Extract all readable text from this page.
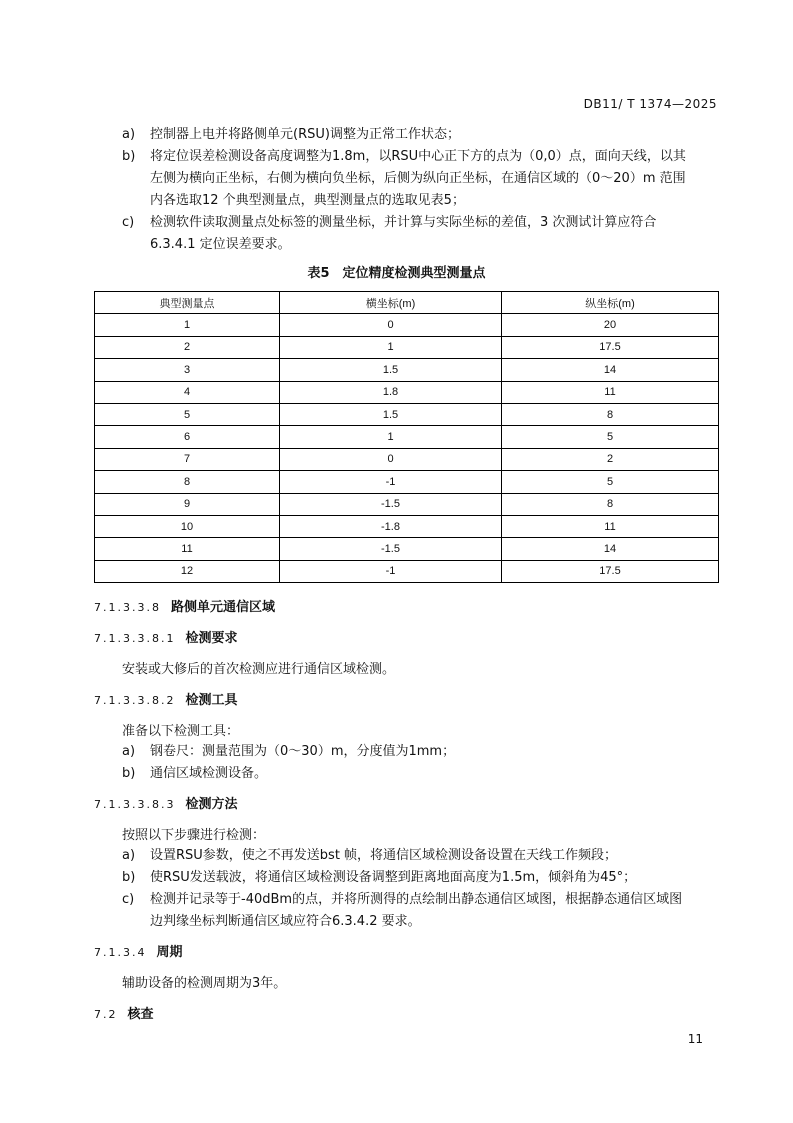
DB11/ T 1374—2025
a) 控制器上电并将路侧单元(RSU)调整为正常工作状态；
b) 将定位误差检测设备高度调整为1.8m，以RSU中心正下方的点为（0,0）点，面向天线，以其
左侧为横向正坐标，右侧为横向负坐标，后侧为纵向正坐标，在通信区域的（0～20）m 范围
内各选取12 个典型测量点，典型测量点的选取见表5；
c) 检测软件读取测量点处标签的测量坐标，并计算与实际坐标的差值，3 次测试计算应符合
6.3.4.1 定位误差要求。
表5　定位精度检测典型测量点
典型测量点	横坐标(m)	纵坐标(m)
1	0	20
2	1	17.5
3	1.5	14
4	1.8	11
5	1.5	8
6	1	5
7	0	2
8	-1	5
9	-1.5	8
10	-1.8	11
11	-1.5	14
12	-1	17.5
7.1.3.3.8 路侧单元通信区域
7.1.3.3.8.1 检测要求
安装或大修后的首次检测应进行通信区域检测。
7.1.3.3.8.2 检测工具
准备以下检测工具：
a) 钢卷尺：测量范围为（0～30）m，分度值为1mm；
b) 通信区域检测设备。
7.1.3.3.8.3 检测方法
按照以下步骤进行检测：
a) 设置RSU参数，使之不再发送bst 帧，将通信区域检测设备设置在天线工作频段；
b) 使RSU发送载波，将通信区域检测设备调整到距离地面高度为1.5m，倾斜角为45°；
c) 检测并记录等于-40dBm的点，并将所测得的点绘制出静态通信区域图，根据静态通信区域图
边判缘坐标判断通信区域应符合6.3.4.2 要求。
7.1.3.4 周期
辅助设备的检测周期为3年。
7.2 核查
11
